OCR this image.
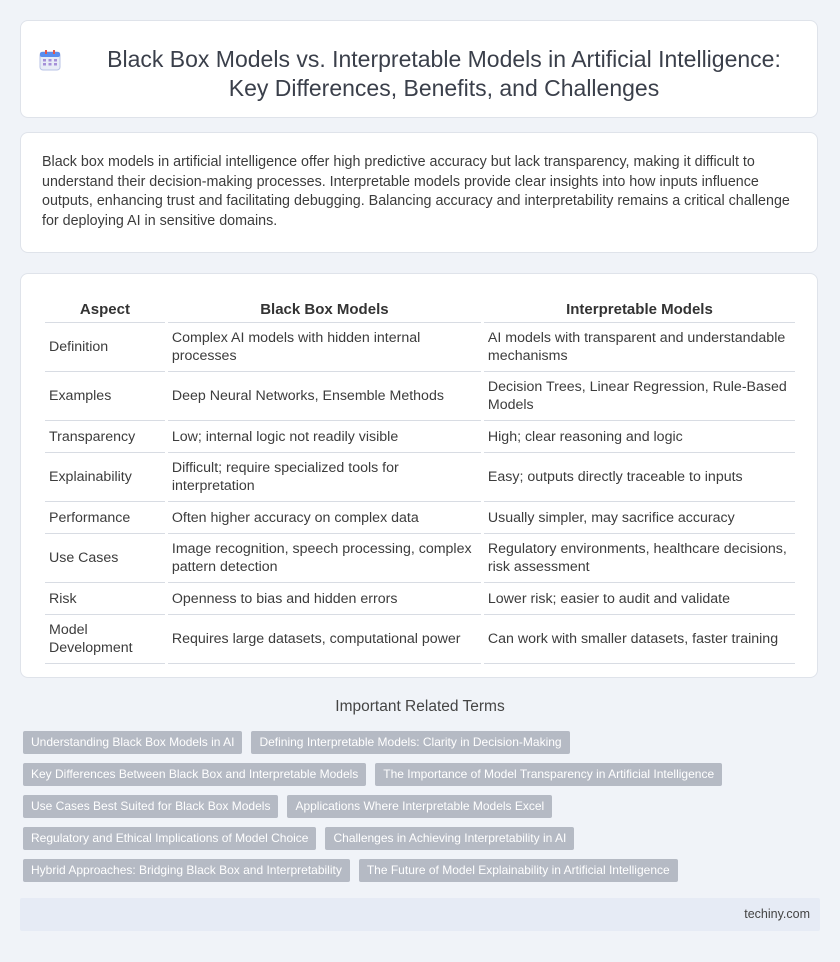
Black Box Models vs. Interpretable Models in Artificial Intelligence: Key Differences, Benefits, and Challenges

Black box models in artificial intelligence offer high predictive accuracy but lack transparency, making it difficult to understand their decision-making processes. Interpretable models provide clear insights into how inputs influence outputs, enhancing trust and facilitating debugging. Balancing accuracy and interpretability remains a critical challenge for deploying AI in sensitive domains.

Aspect	Black Box Models	Interpretable Models
Definition	Complex AI models with hidden internal processes	AI models with transparent and understandable mechanisms
Examples	Deep Neural Networks, Ensemble Methods	Decision Trees, Linear Regression, Rule-Based Models
Transparency	Low; internal logic not readily visible	High; clear reasoning and logic
Explainability	Difficult; require specialized tools for interpretation	Easy; outputs directly traceable to inputs
Performance	Often higher accuracy on complex data	Usually simpler, may sacrifice accuracy
Use Cases	Image recognition, speech processing, complex pattern detection	Regulatory environments, healthcare decisions, risk assessment
Risk	Openness to bias and hidden errors	Lower risk; easier to audit and validate
Model Development	Requires large datasets, computational power	Can work with smaller datasets, faster training
Important Related Terms
Understanding Black Box Models in AI	Defining Interpretable Models: Clarity in Decision-Making
Key Differences Between Black Box and Interpretable Models	The Importance of Model Transparency in Artificial Intelligence
Use Cases Best Suited for Black Box Models	Applications Where Interpretable Models Excel
Regulatory and Ethical Implications of Model Choice	Challenges in Achieving Interpretability in AI
Hybrid Approaches: Bridging Black Box and Interpretability	The Future of Model Explainability in Artificial Intelligence
techiny.com
